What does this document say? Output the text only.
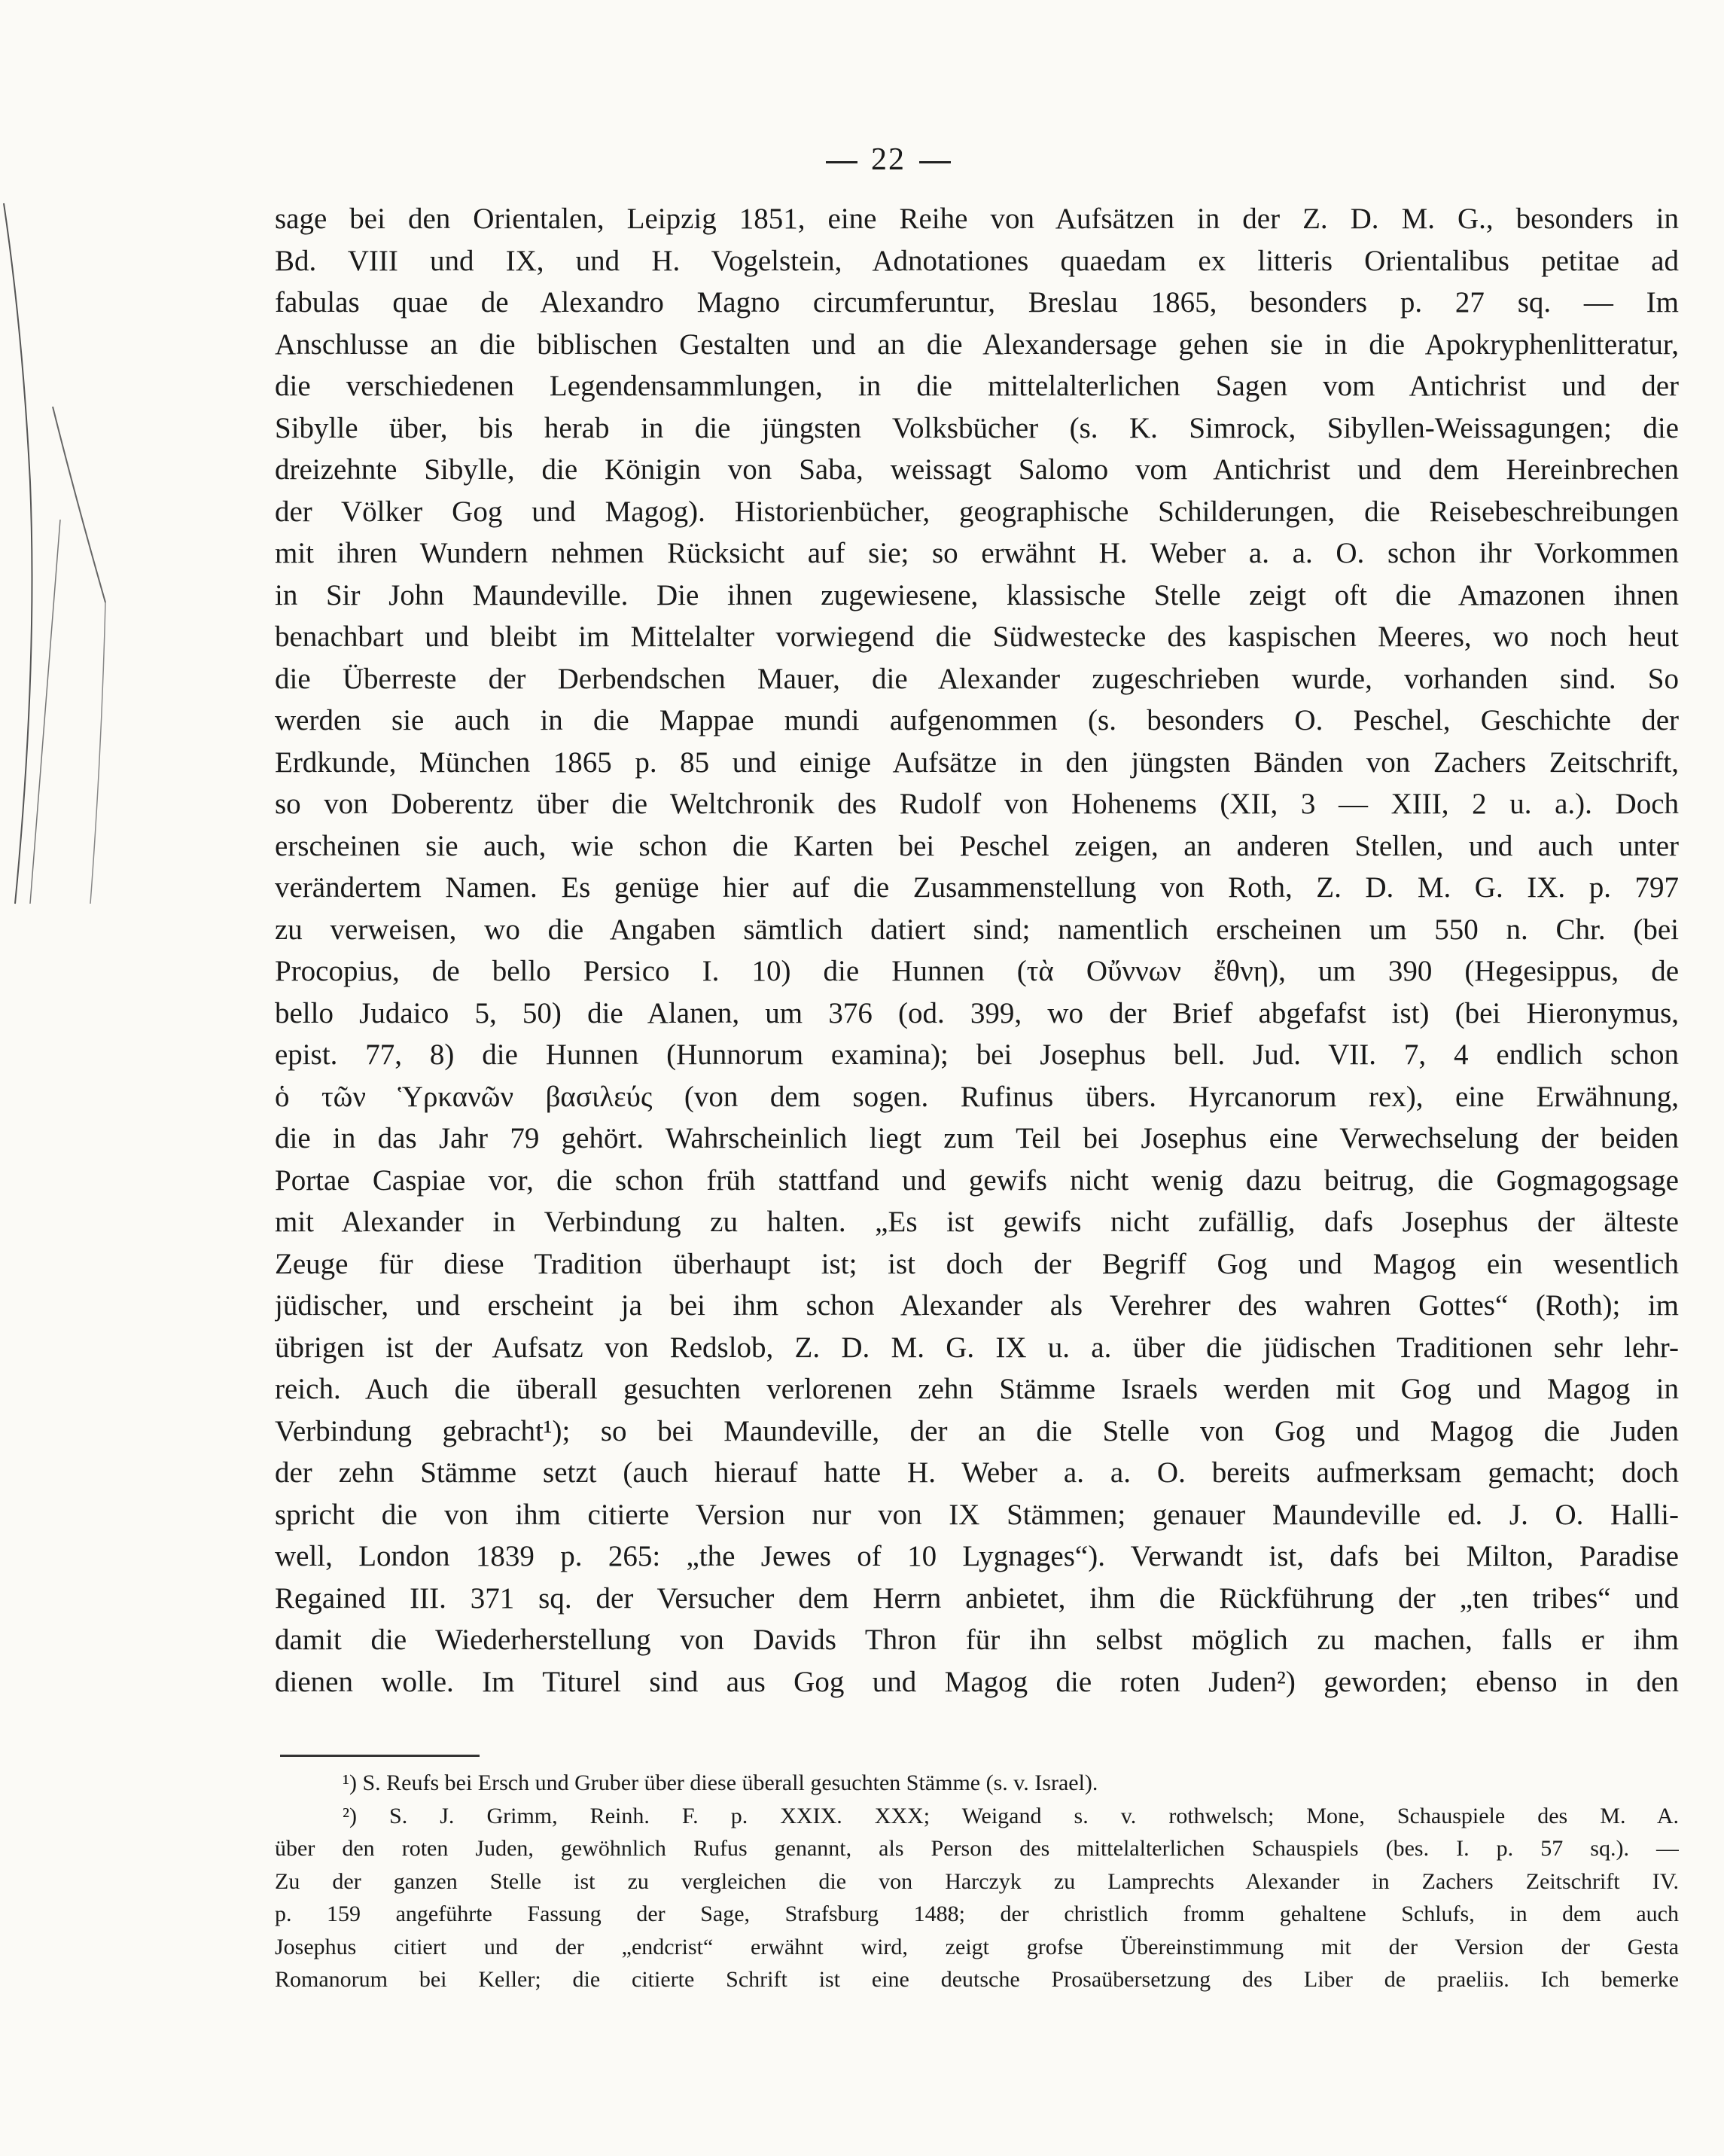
22
sage bei den Orientalen, Leipzig 1851, eine Reihe von Aufsätzen in der Z. D. M. G., besonders in
Bd. VIII und IX, und H. Vogelstein, Adnotationes quaedam ex litteris Orientalibus petitae ad
fabulas quae de Alexandro Magno circumferuntur, Breslau 1865, besonders p. 27 sq. — Im
Anschlusse an die biblischen Gestalten und an die Alexandersage gehen sie in die Apokryphenlitteratur,
die verschiedenen Legendensammlungen, in die mittelalterlichen Sagen vom Antichrist und der
Sibylle über, bis herab in die jüngsten Volksbücher (s. K. Simrock, Sibyllen-Weissagungen; die
dreizehnte Sibylle, die Königin von Saba, weissagt Salomo vom Antichrist und dem Hereinbrechen
der Völker Gog und Magog). Historienbücher, geographische Schilderungen, die Reisebeschreibungen
mit ihren Wundern nehmen Rücksicht auf sie; so erwähnt H. Weber a. a. O. schon ihr Vorkommen
in Sir John Maundeville. Die ihnen zugewiesene, klassische Stelle zeigt oft die Amazonen ihnen
benachbart und bleibt im Mittelalter vorwiegend die Südwestecke des kaspischen Meeres, wo noch heut
die Überreste der Derbendschen Mauer, die Alexander zugeschrieben wurde, vorhanden sind. So
werden sie auch in die Mappae mundi aufgenommen (s. besonders O. Peschel, Geschichte der
Erdkunde, München 1865 p. 85 und einige Aufsätze in den jüngsten Bänden von Zachers Zeitschrift,
so von Doberentz über die Weltchronik des Rudolf von Hohenems (XII, 3 — XIII, 2 u. a.). Doch
erscheinen sie auch, wie schon die Karten bei Peschel zeigen, an anderen Stellen, und auch unter
verändertem Namen. Es genüge hier auf die Zusammenstellung von Roth, Z. D. M. G. IX. p. 797
zu verweisen, wo die Angaben sämtlich datiert sind; namentlich erscheinen um 550 n. Chr. (bei
Procopius, de bello Persico I. 10) die Hunnen (τὰ Οὔννων ἔθνη), um 390 (Hegesippus, de
bello Judaico 5, 50) die Alanen, um 376 (od. 399, wo der Brief abgefafst ist) (bei Hieronymus,
epist. 77, 8) die Hunnen (Hunnorum examina); bei Josephus bell. Jud. VII. 7, 4 endlich schon
ὁ τῶν Ὑρκανῶν βασιλεύς (von dem sogen. Rufinus übers. Hyrcanorum rex), eine Erwähnung,
die in das Jahr 79 gehört. Wahrscheinlich liegt zum Teil bei Josephus eine Verwechselung der beiden
Portae Caspiae vor, die schon früh stattfand und gewifs nicht wenig dazu beitrug, die Gogmagogsage
mit Alexander in Verbindung zu halten. „Es ist gewifs nicht zufällig, dafs Josephus der älteste
Zeuge für diese Tradition überhaupt ist; ist doch der Begriff Gog und Magog ein wesentlich
jüdischer, und erscheint ja bei ihm schon Alexander als Verehrer des wahren Gottes“ (Roth); im
übrigen ist der Aufsatz von Redslob, Z. D. M. G. IX u. a. über die jüdischen Traditionen sehr lehr-
reich. Auch die überall gesuchten verlorenen zehn Stämme Israels werden mit Gog und Magog in
Verbindung gebracht¹); so bei Maundeville, der an die Stelle von Gog und Magog die Juden
der zehn Stämme setzt (auch hierauf hatte H. Weber a. a. O. bereits aufmerksam gemacht; doch
spricht die von ihm citierte Version nur von IX Stämmen; genauer Maundeville ed. J. O. Halli-
well, London 1839 p. 265: „the Jewes of 10 Lygnages“). Verwandt ist, dafs bei Milton, Paradise
Regained III. 371 sq. der Versucher dem Herrn anbietet, ihm die Rückführung der „ten tribes“ und
damit die Wiederherstellung von Davids Thron für ihn selbst möglich zu machen, falls er ihm
dienen wolle. Im Titurel sind aus Gog und Magog die roten Juden²) geworden; ebenso in den
¹) S. Reufs bei Ersch und Gruber über diese überall gesuchten Stämme (s. v. Israel).
²) S. J. Grimm, Reinh. F. p. XXIX. XXX; Weigand s. v. rothwelsch; Mone, Schauspiele des M. A.
über den roten Juden, gewöhnlich Rufus genannt, als Person des mittelalterlichen Schauspiels (bes. I. p. 57 sq.). —
Zu der ganzen Stelle ist zu vergleichen die von Harczyk zu Lamprechts Alexander in Zachers Zeitschrift IV.
p. 159 angeführte Fassung der Sage, Strafsburg 1488; der christlich fromm gehaltene Schlufs, in dem auch
Josephus citiert und der „endcrist“ erwähnt wird, zeigt grofse Übereinstimmung mit der Version der Gesta
Romanorum bei Keller; die citierte Schrift ist eine deutsche Prosaübersetzung des Liber de praeliis. Ich bemerke
